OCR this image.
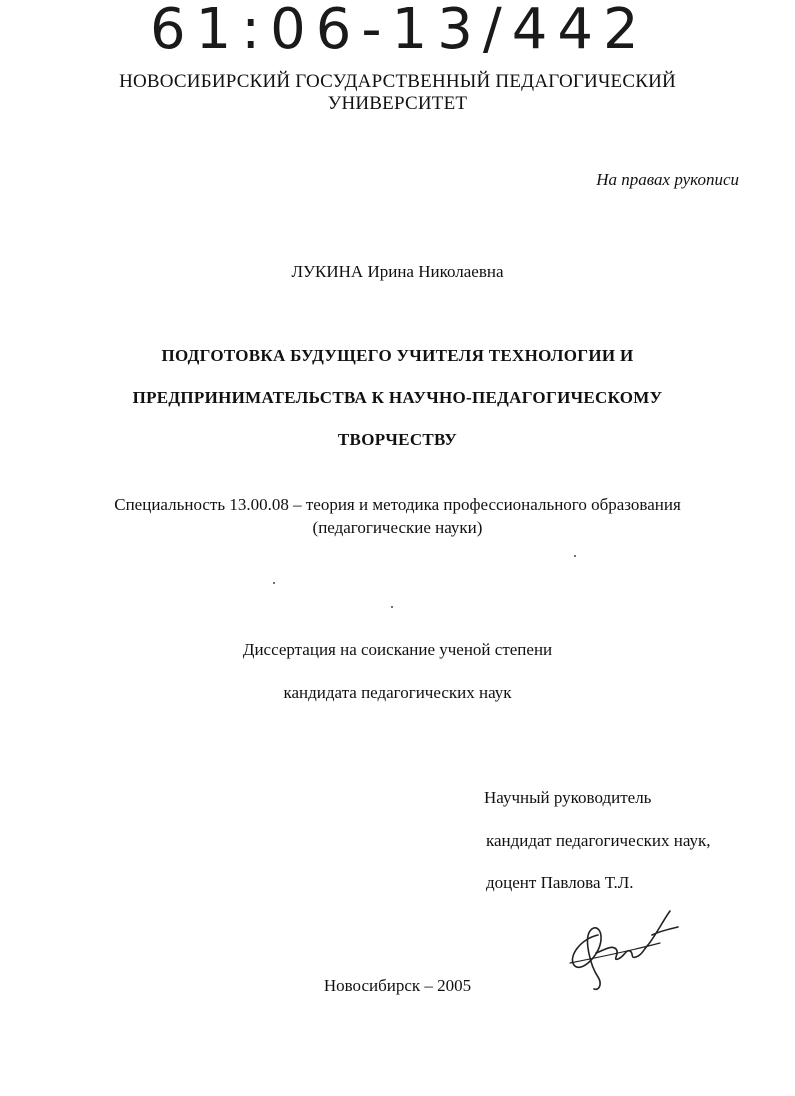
61:06-13/442
НОВОСИБИРСКИЙ ГОСУДАРСТВЕННЫЙ ПЕДАГОГИЧЕСКИЙ
УНИВЕРСИТЕТ
На правах рукописи
ЛУКИНА Ирина Николаевна
ПОДГОТОВКА БУДУЩЕГО УЧИТЕЛЯ ТЕХНОЛОГИИ И
ПРЕДПРИНИМАТЕЛЬСТВА К НАУЧНО-ПЕДАГОГИЧЕСКОМУ
ТВОРЧЕСТВУ
Специальность 13.00.08 – теория и методика профессионального образования
(педагогические науки)
Диссертация на соискание ученой степени
кандидата педагогических наук
Научный руководитель
кандидат педагогических наук,
доцент Павлова Т.Л.
Новосибирск – 2005
